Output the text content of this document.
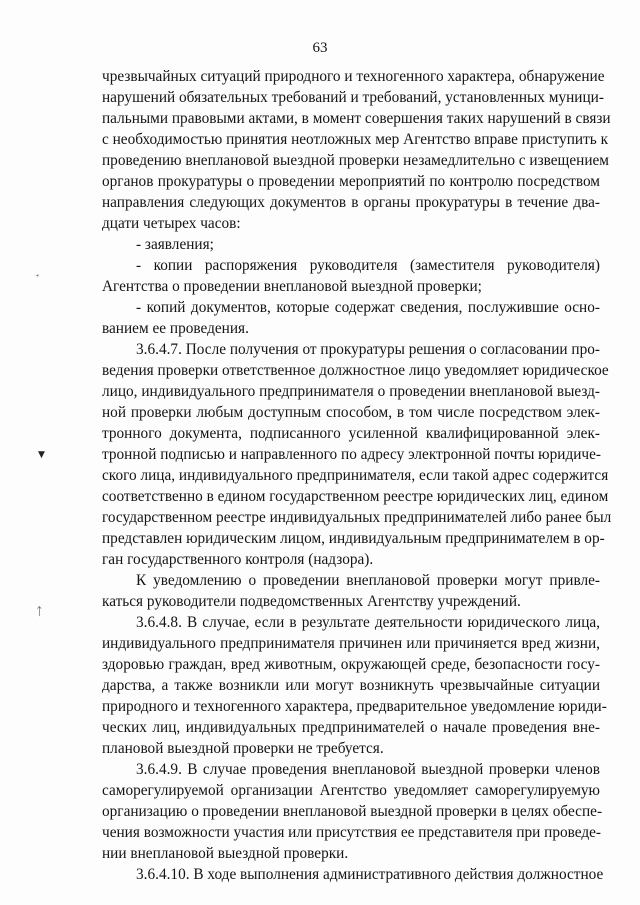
63
чрезвычайных ситуаций природного и техногенного характера, обнаружение
нарушений обязательных требований и требований, установленных муници-
пальными правовыми актами, в момент совершения таких нарушений в связи
с необходимостью принятия неотложных мер Агентство вправе приступить к
проведению внеплановой выездной проверки незамедлительно с извещением
органов прокуратуры о проведении мероприятий по контролю посредством
направления следующих документов в органы прокуратуры в течение два-
дцати четырех часов:
- заявления;
- копии распоряжения руководителя (заместителя руководителя)
Агентства о проведении внеплановой выездной проверки;
- копий документов, которые содержат сведения, послужившие осно-
ванием ее проведения.
3.6.4.7. После получения от прокуратуры решения о согласовании про-
ведения проверки ответственное должностное лицо уведомляет юридическое
лицо, индивидуального предпринимателя о проведении внеплановой выезд-
ной проверки любым доступным способом, в том числе посредством элек-
тронного документа, подписанного усиленной квалифицированной элек-
тронной подписью и направленного по адресу электронной почты юридиче-
ского лица, индивидуального предпринимателя, если такой адрес содержится
соответственно в едином государственном реестре юридических лиц, едином
государственном реестре индивидуальных предпринимателей либо ранее был
представлен юридическим лицом, индивидуальным предпринимателем в ор-
ган государственного контроля (надзора).
К уведомлению о проведении внеплановой проверки могут привле-
каться руководители подведомственных Агентству учреждений.
3.6.4.8. В случае, если в результате деятельности юридического лица,
индивидуального предпринимателя причинен или причиняется вред жизни,
здоровью граждан, вред животным, окружающей среде, безопасности госу-
дарства, а также возникли или могут возникнуть чрезвычайные ситуации
природного и техногенного характера, предварительное уведомление юриди-
ческих лиц, индивидуальных предпринимателей о начале проведения вне-
плановой выездной проверки не требуется.
3.6.4.9. В случае проведения внеплановой выездной проверки членов
саморегулируемой организации Агентство уведомляет саморегулируемую
организацию о проведении внеплановой выездной проверки в целях обеспе-
чения возможности участия или присутствия ее представителя при проведе-
нии внеплановой выездной проверки.
3.6.4.10. В ходе выполнения административного действия должностное
˯
▼
ᛏ
